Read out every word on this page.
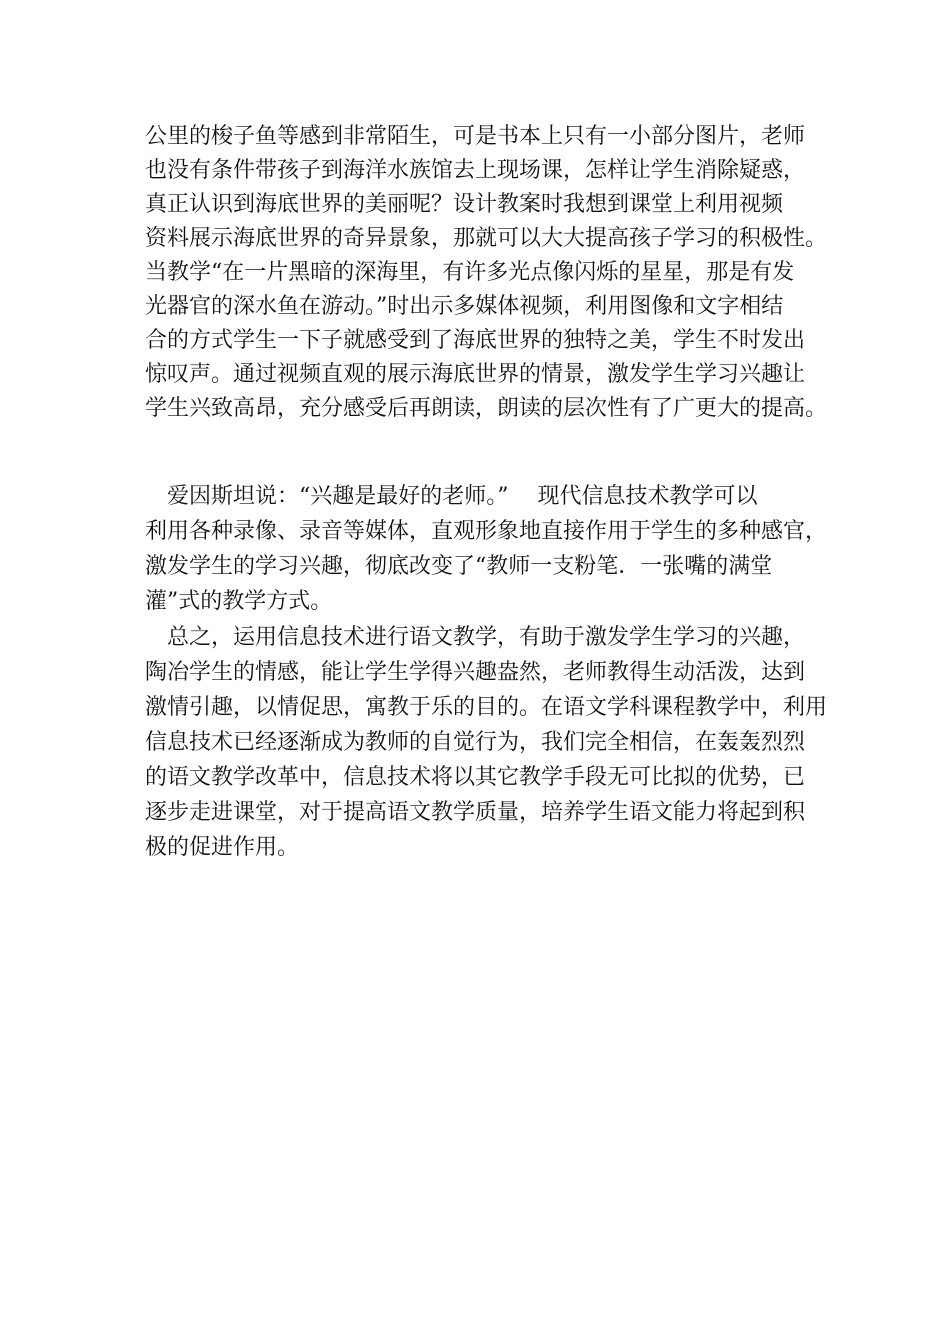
公里的梭子鱼等感到非常陌生，可是书本上只有一小部分图片，老师
也没有条件带孩子到海洋水族馆去上现场课，怎样让学生消除疑惑，
真正认识到海底世界的美丽呢？设计教案时我想到课堂上利用视频
资料展示海底世界的奇异景象，那就可以大大提高孩子学习的积极性。
当教学“在一片黑暗的深海里，有许多光点像闪烁的星星，那是有发
光器官的深水鱼在游动。”时出示多媒体视频，利用图像和文字相结
合的方式学生一下子就感受到了海底世界的独特之美，学生不时发出
惊叹声。通过视频直观的展示海底世界的情景，激发学生学习兴趣让
学生兴致高昂，充分感受后再朗读，朗读的层次性有了广更大的提高。
　爱因斯坦说：“兴趣是最好的老师。”　 现代信息技术教学可以
利用各种录像、录音等媒体，直观形象地直接作用于学生的多种感官，
激发学生的学习兴趣，彻底改变了“教师一支粉笔．一张嘴的满堂
灌”式的教学方式。
　总之，运用信息技术进行语文教学，有助于激发学生学习的兴趣，
陶冶学生的情感，能让学生学得兴趣盎然，老师教得生动活泼，达到
激情引趣，以情促思，寓教于乐的目的。在语文学科课程教学中，利用
信息技术已经逐渐成为教师的自觉行为，我们完全相信，在轰轰烈烈
的语文教学改革中，信息技术将以其它教学手段无可比拟的优势，已
逐步走进课堂，对于提高语文教学质量，培养学生语文能力将起到积
极的促进作用。
